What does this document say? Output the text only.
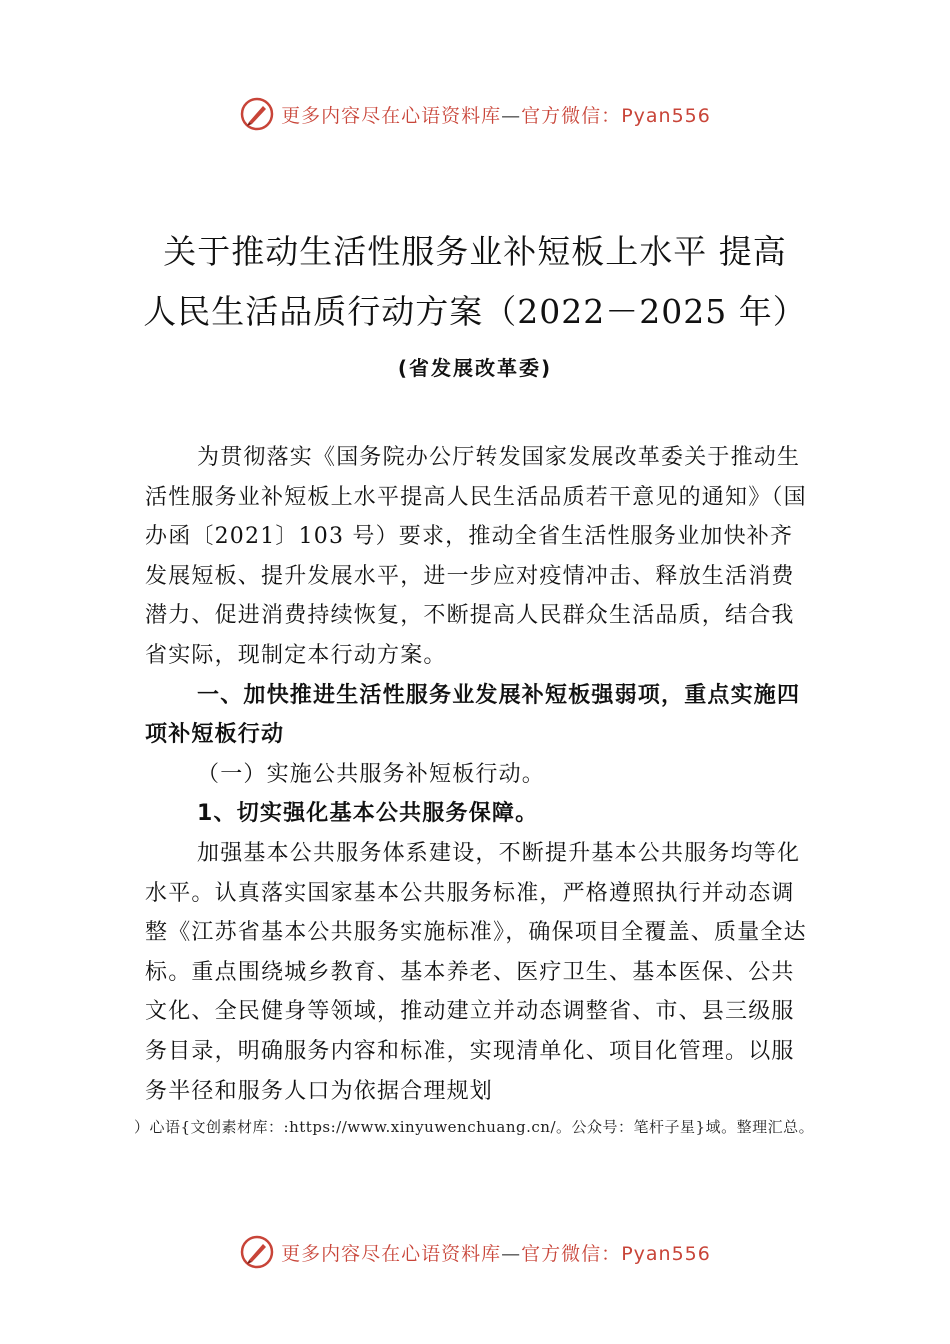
更多内容尽在心语资料库—官方微信：Pyan556
关于推动生活性服务业补短板上水平 提高
人民生活品质行动方案（2022－2025 年）
(省发展改革委)

为贯彻落实《国务院办公厅转发国家发展改革委关于推动生活性服务业补短板上水平提高人民生活品质若干意见的通知》（国办函〔2021〕103 号）要求，推动全省生活性服务业加快补齐发展短板、提升发展水平，进一步应对疫情冲击、释放生活消费潜力、促进消费持续恢复，不断提高人民群众生活品质，结合我省实际，现制定本行动方案。

一、加快推进生活性服务业发展补短板强弱项，重点实施四项补短板行动

（一）实施公共服务补短板行动。

1、切实强化基本公共服务保障。

加强基本公共服务体系建设，不断提升基本公共服务均等化水平。认真落实国家基本公共服务标准，严格遵照执行并动态调整《江苏省基本公共服务实施标准》，确保项目全覆盖、质量全达标。重点围绕城乡教育、基本养老、医疗卫生、基本医保、公共文化、全民健身等领域，推动建立并动态调整省、市、县三级服务目录，明确服务内容和标准，实现清单化、项目化管理。以服务半径和服务人口为依据合理规划

）心语{文创素材库：:https://www.xinyuwenchuang.cn/。公众号：笔杆子星}域。整理汇总。
更多内容尽在心语资料库—官方微信：Pyan556
